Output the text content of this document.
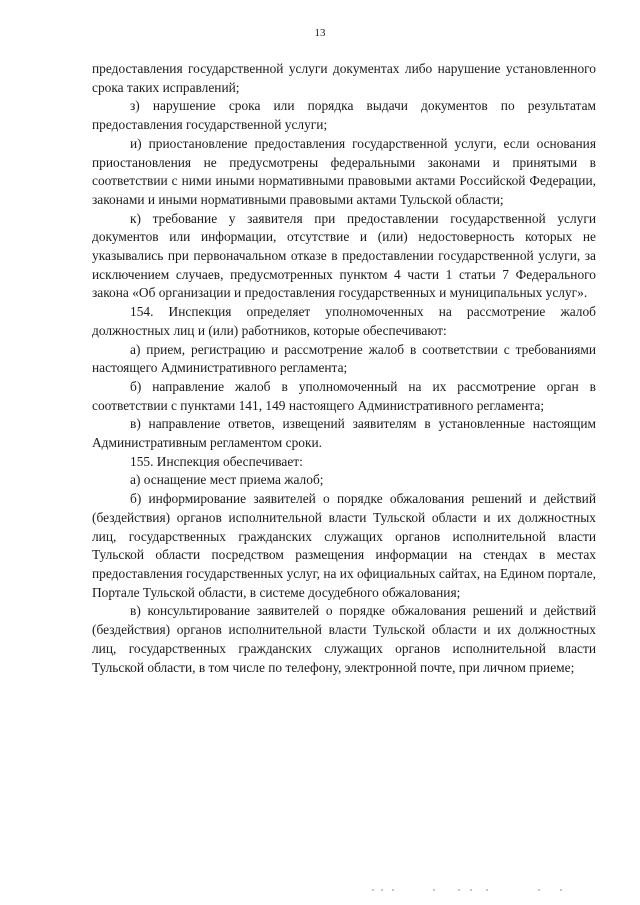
13

предоставления государственной услуги документах либо нарушение установленного срока таких исправлений;

з) нарушение срока или порядка выдачи документов по результатам предоставления государственной услуги;

и) приостановление предоставления государственной услуги, если основания приостановления не предусмотрены федеральными законами и принятыми в соответствии с ними иными нормативными правовыми актами Российской Федерации, законами и иными нормативными правовыми актами Тульской области;

к) требование у заявителя при предоставлении государственной услуги документов или информации, отсутствие и (или) недостоверность которых не указывались при первоначальном отказе в предоставлении государственной услуги, за исключением случаев, предусмотренных пунктом 4 части 1 статьи 7 Федерального закона «Об организации и предоставления государственных и муниципальных услуг».

154. Инспекция определяет уполномоченных на рассмотрение жалоб должностных лиц и (или) работников, которые обеспечивают:

а) прием, регистрацию и рассмотрение жалоб в соответствии с требованиями настоящего Административного регламента;

б) направление жалоб в уполномоченный на их рассмотрение орган в соответствии с пунктами 141, 149 настоящего Административного регламента;

в) направление ответов, извещений заявителям в установленные настоящим Административным регламентом сроки.

155. Инспекция обеспечивает:

а) оснащение мест приема жалоб;

б) информирование заявителей о порядке обжалования решений и действий (бездействия) органов исполнительной власти Тульской области и их должностных лиц, государственных гражданских служащих органов исполнительной власти Тульской области посредством размещения информации на стендах в местах предоставления государственных услуг, на их официальных сайтах, на Едином портале, Портале Тульской области, в системе досудебного обжалования;

в) консультирование заявителей о порядке обжалования решений и действий (бездействия) органов исполнительной власти Тульской области и их должностных лиц, государственных гражданских служащих органов исполнительной власти Тульской области, в том числе по телефону, электронной почте, при личном приеме;
